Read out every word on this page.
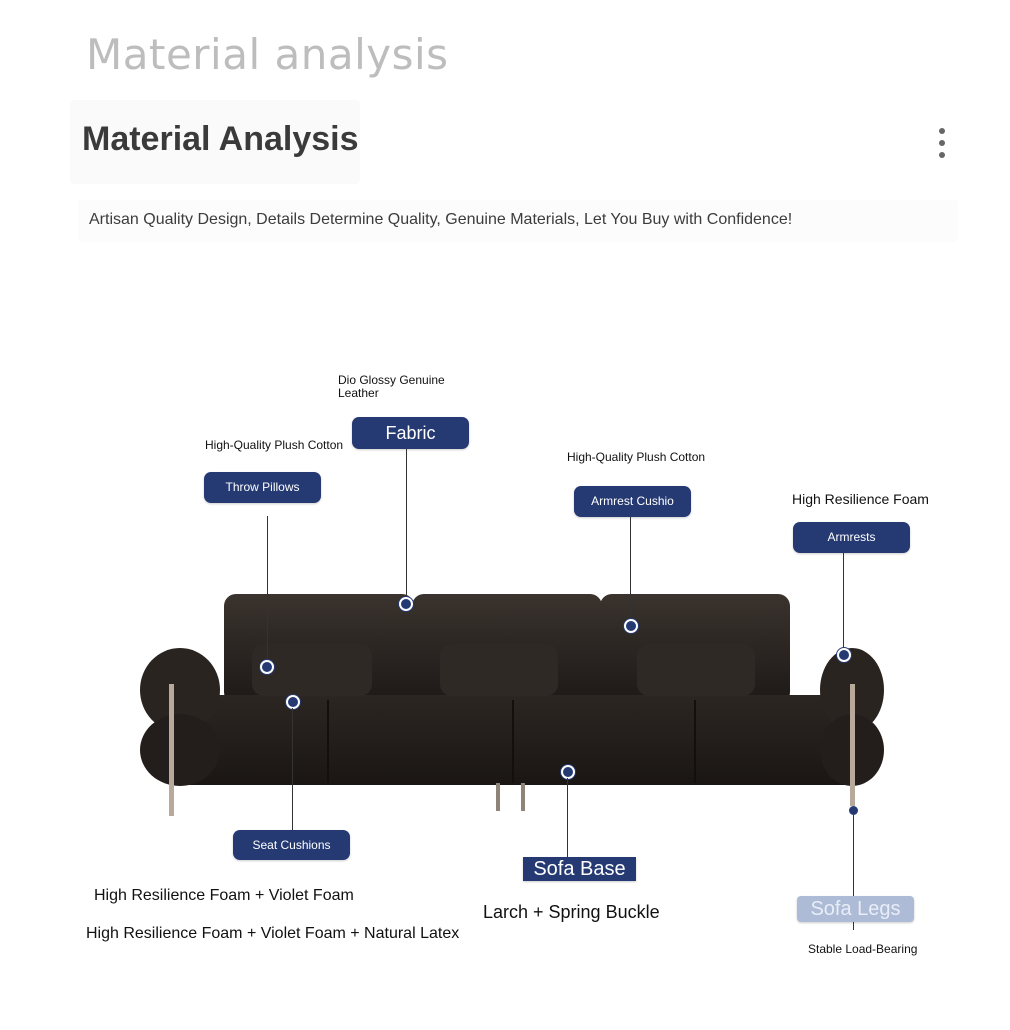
Material analysis
Material Analysis
Artisan Quality Design, Details Determine Quality, Genuine Materials, Let You Buy with Confidence!
Dio Glossy Genuine Leather
Fabric
High-Quality Plush Cotton
Throw Pillows
High-Quality Plush Cotton
Armrest Cushio	High Resilience Foam
Armrests
Seat Cushions
High Resilience Foam + Violet Foam
High Resilience Foam + Violet Foam + Natural Latex
Sofa Base
Larch + Spring Buckle	Sofa Legs
Stable Load-Bearing
